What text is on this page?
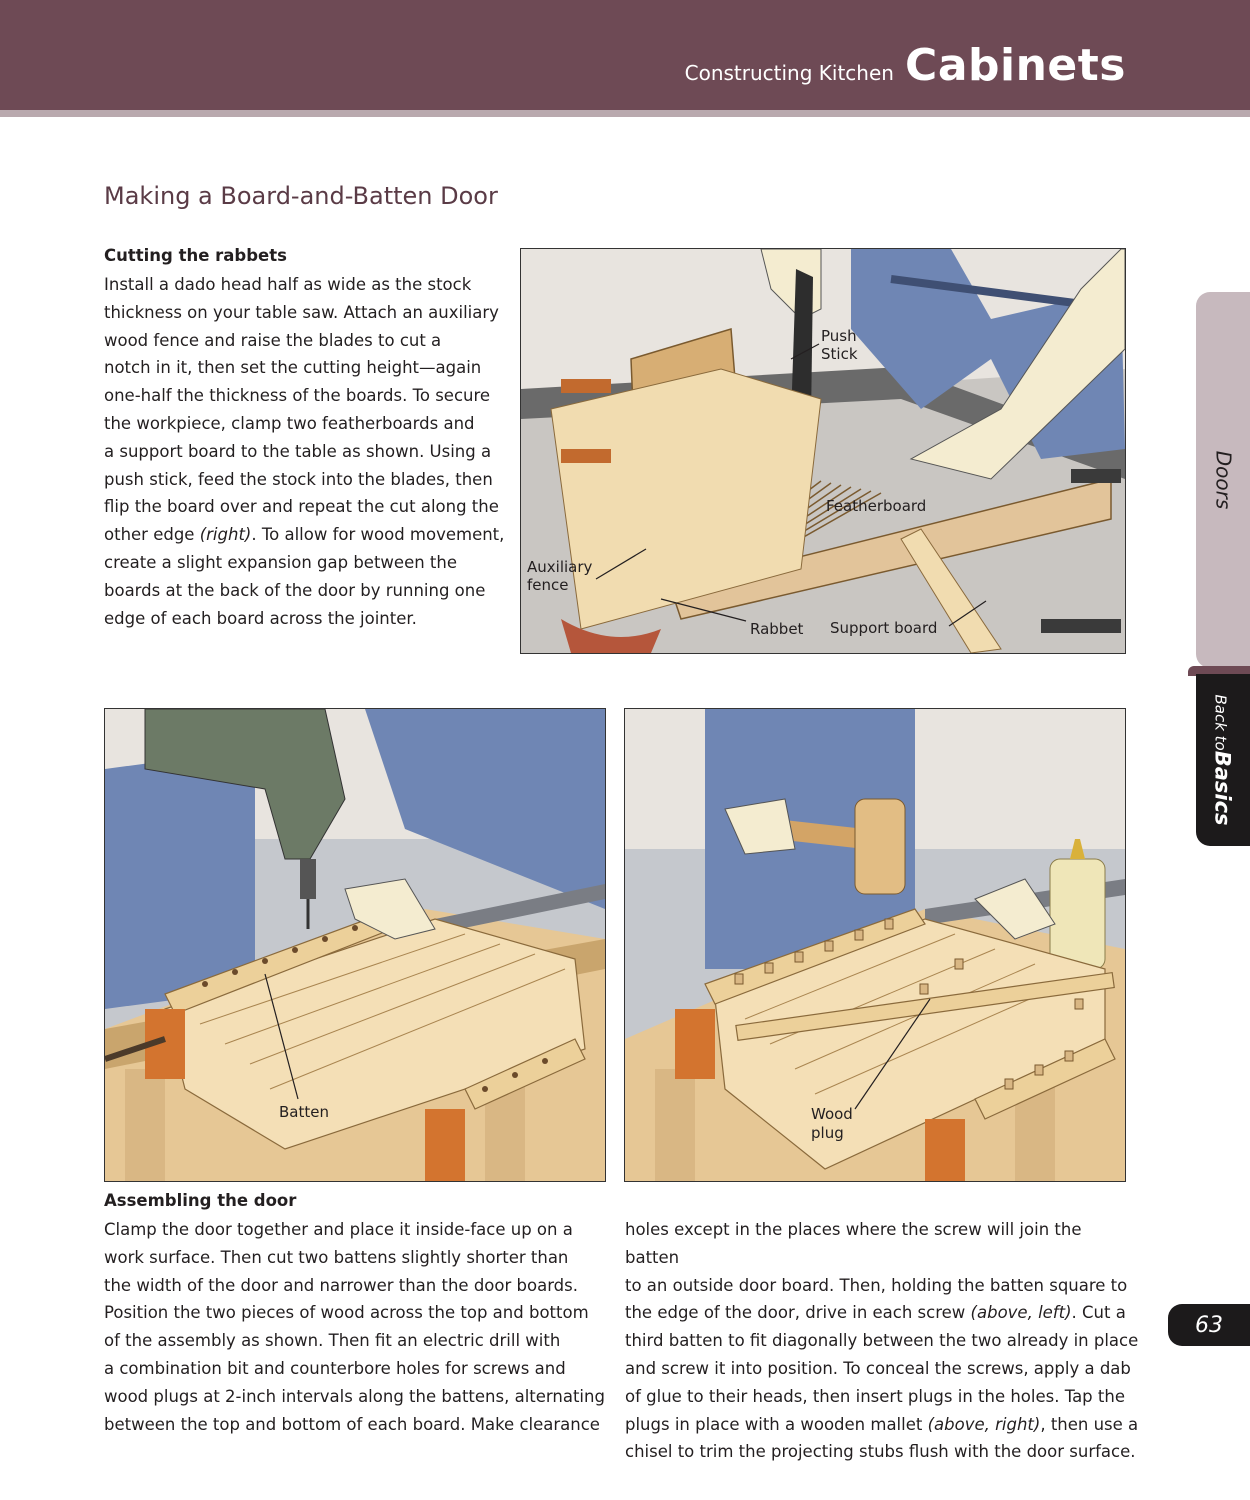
Constructing Kitchen Cabinets
Making a Board-and-Batten Door
Cutting the rabbets
Install a dado head half as wide as the stock
thickness on your table saw. Attach an auxiliary
wood fence and raise the blades to cut a
notch in it, then set the cutting height—again
one-half the thickness of the boards. To secure
the workpiece, clamp two featherboards and
a support board to the table as shown. Using a
push stick, feed the stock into the blades, then
flip the board over and repeat the cut along the
other edge (right). To allow for wood movement,
create a slight expansion gap between the
boards at the back of the door by running one
edge of each board across the jointer.
Push
Stick
Featherboard
Auxiliary
fence
Rabbet Support board
Batten	Wood
plug
Assembling the door
Clamp the door together and place it inside-face up on a
work surface. Then cut two battens slightly shorter than
the width of the door and narrower than the door boards.
Position the two pieces of wood across the top and bottom
of the assembly as shown. Then fit an electric drill with
a combination bit and counterbore holes for screws and
wood plugs at 2-inch intervals along the battens, alternating
between the top and bottom of each board. Make clearance
holes except in the places where the screw will join the batten
to an outside door board. Then, holding the batten square to
the edge of the door, drive in each screw (above, left). Cut a
third batten to fit diagonally between the two already in place
and screw it into position. To conceal the screws, apply a dab
of glue to their heads, then insert plugs in the holes. Tap the
plugs in place with a wooden mallet (above, right), then use a
chisel to trim the projecting stubs flush with the door surface.
Doors
Back toBasics
63
